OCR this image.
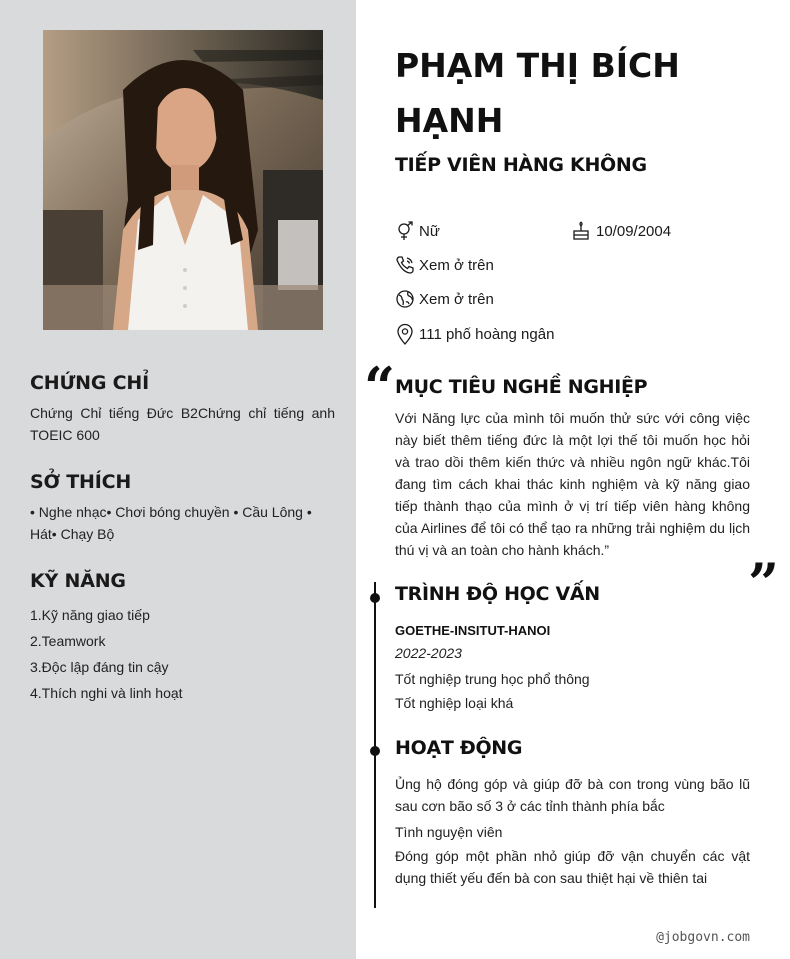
CHỨNG CHỈ
Chứng Chỉ tiếng Đức B2Chứng chỉ tiếng anh TOEIC 600
SỞ THÍCH
• Nghe nhạc• Chơi bóng chuyền • Cầu Lông • Hát• Chạy Bộ
KỸ NĂNG
1.Kỹ năng giao tiếp
2.Teamwork
3.Độc lập đáng tin cậy
4.Thích nghi và linh hoạt
PHẠM THỊ BÍCH HẠNH
TIẾP VIÊN HÀNG KHÔNG
Nữ	10/09/2004
Xem ở trên
Xem ở trên
111 phố hoàng ngân
“ MỤC TIÊU NGHỀ NGHIỆP
Với Năng lực của mình tôi muốn thử sức với công việc này biết thêm tiếng đức là một lợi thế tôi muốn học hỏi và trao dồi thêm kiến thức và nhiều ngôn ngữ khác.Tôi đang tìm cách khai thác kinh nghiệm và kỹ năng giao tiếp thành thạo của mình ở vị trí tiếp viên hàng không của Airlines để tôi có thể tạo ra những trải nghiệm du lịch thú vị và an toàn cho hành khách.”
”
TRÌNH ĐỘ HỌC VẤN
GOETHE-INSITUT-HANOI
2022-2023
Tốt nghiệp trung học phổ thông
Tốt nghiệp loại khá
HOẠT ĐỘNG
Ủng hộ đóng góp và giúp đỡ bà con trong vùng bão lũ sau cơn bão số 3 ở các tỉnh thành phía bắc
Tình nguyện viên
Đóng góp một phần nhỏ giúp đỡ vận chuyển các vật dụng thiết yếu đến bà con sau thiệt hại về thiên tai
@jobgovn.com
